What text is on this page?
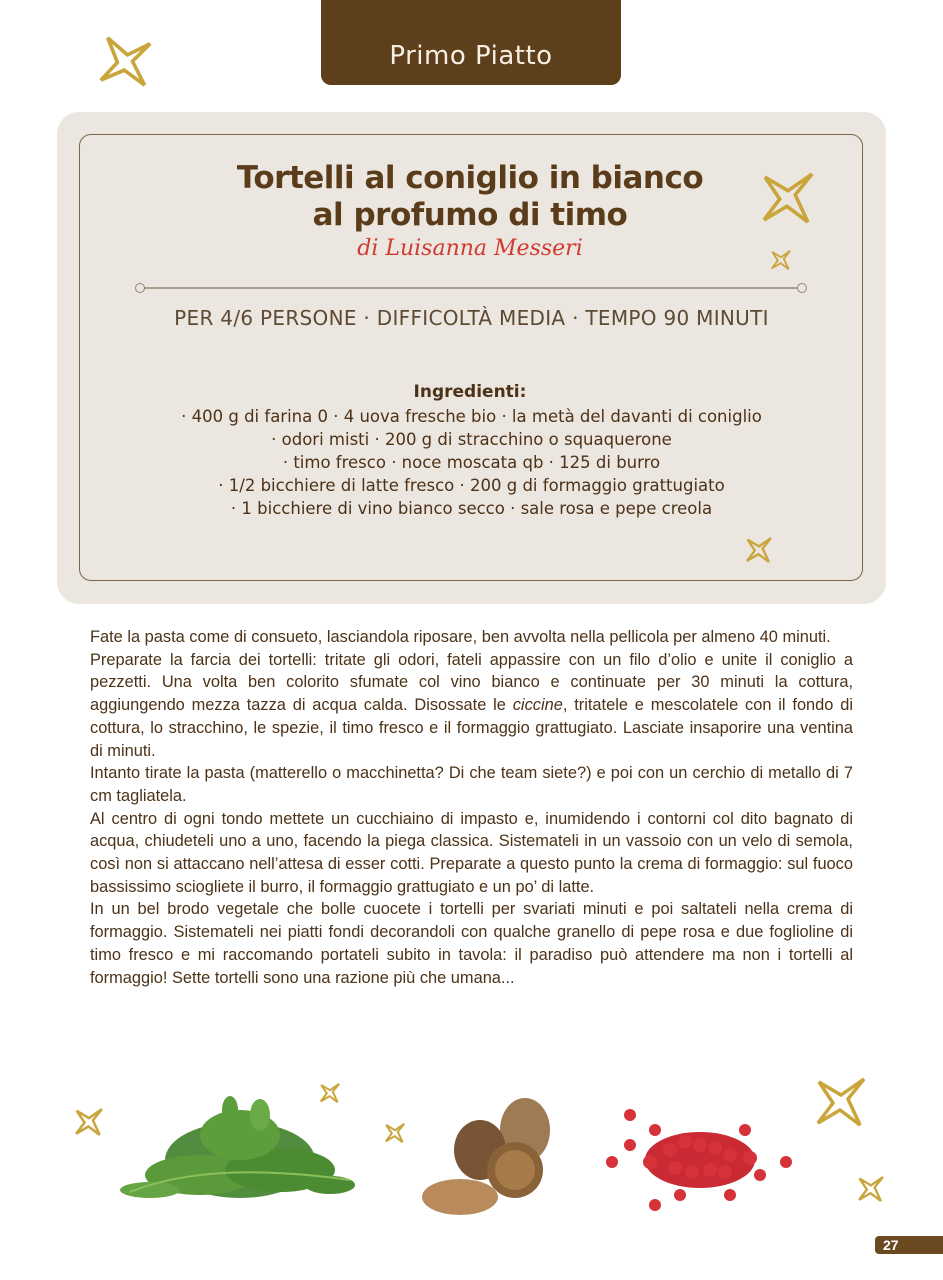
Primo Piatto
Tortelli al coniglio in bianco
al profumo di timo
di Luisanna Messeri
PER 4/6 PERSONE · DIFFICOLTÀ MEDIA · TEMPO 90 MINUTI
Ingredienti:
· 400 g di farina 0 · 4 uova fresche bio · la metà del davanti di coniglio
· odori misti · 200 g di stracchino o squaquerone
· timo fresco · noce moscata qb · 125 di burro
· 1/2 bicchiere di latte fresco · 200 g di formaggio grattugiato
· 1 bicchiere di vino bianco secco · sale rosa e pepe creola

Fate la pasta come di consueto, lasciandola riposare, ben avvolta nella pellicola per almeno 40 minuti.

Preparate la farcia dei tortelli: tritate gli odori, fateli appassire con un filo d’olio e unite il coniglio a pezzetti. Una volta ben colorito sfumate col vino bianco e continuate per 30 minuti la cottura, aggiungendo mezza tazza di acqua calda. Disossate le ciccine, tritatele e mescolatele con il fondo di cottura, lo stracchino, le spezie, il timo fresco e il formaggio grattugiato. Lasciate insaporire una ventina di minuti.

Intanto tirate la pasta (matterello o macchinetta? Di che team siete?) e poi con un cerchio di metallo di 7 cm tagliatela.

Al centro di ogni tondo mettete un cucchiaino di impasto e, inumidendo i contorni col dito bagnato di acqua, chiudeteli uno a uno, facendo la piega classica. Sistemateli in un vassoio con un velo di semola, così non si attaccano nell’attesa di esser cotti. Preparate a questo punto la crema di formaggio: sul fuoco bassissimo sciogliete il burro, il formaggio grattugiato e un po’ di latte.

In un bel brodo vegetale che bolle cuocete i tortelli per svariati minuti e poi saltateli nella crema di formaggio. Sistemateli nei piatti fondi decorandoli con qualche granello di pepe rosa e due foglioline di timo fresco e mi raccomando portateli subito in tavola: il paradiso può attendere ma non i tortelli al formaggio! Sette tortelli sono una razione più che umana...

27
